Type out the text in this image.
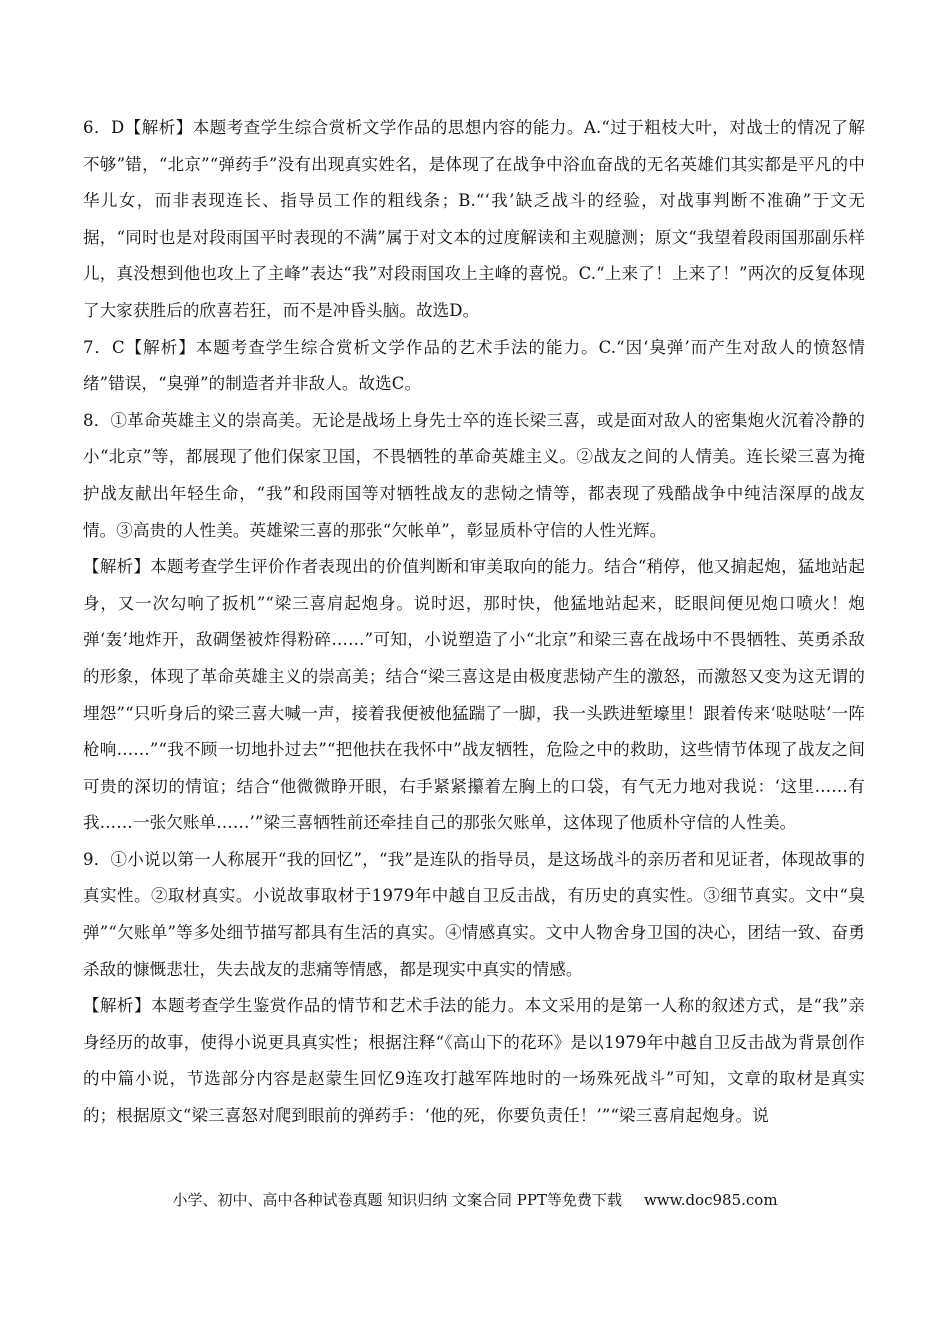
6．D【解析】本题考查学生综合赏析文学作品的思想内容的能力。A.“过于粗枝大叶，对战士的情况了解不够”错，“北京”“弹药手”没有出现真实姓名，是体现了在战争中浴血奋战的无名英雄们其实都是平凡的中华儿女，而非表现连长、指导员工作的粗线条；B.“‘我’缺乏战斗的经验，对战事判断不准确”于文无据，“同时也是对段雨国平时表现的不满”属于对文本的过度解读和主观臆测；原文“我望着段雨国那副乐样儿，真没想到他也攻上了主峰”表达“我”对段雨国攻上主峰的喜悦。C.“上来了！上来了！”两次的反复体现了大家获胜后的欣喜若狂，而不是冲昏头脑。故选D。

7．C【解析】本题考查学生综合赏析文学作品的艺术手法的能力。C.“因‘臭弹’而产生对敌人的愤怒情绪”错误，“臭弹”的制造者并非敌人。故选C。

8．①革命英雄主义的崇高美。无论是战场上身先士卒的连长梁三喜，或是面对敌人的密集炮火沉着冷静的小“北京”等，都展现了他们保家卫国，不畏牺牲的革命英雄主义。②战友之间的人情美。连长梁三喜为掩护战友献出年轻生命，“我”和段雨国等对牺牲战友的悲恸之情等，都表现了残酷战争中纯洁深厚的战友情。③高贵的人性美。英雄梁三喜的那张“欠帐单”，彰显质朴守信的人性光辉。

【解析】本题考查学生评价作者表现出的价值判断和审美取向的能力。结合“稍停，他又掮起炮，猛地站起身，又一次勾响了扳机”“梁三喜肩起炮身。说时迟，那时快，他猛地站起来，眨眼间便见炮口喷火！炮弹‘轰’地炸开，敌碉堡被炸得粉碎……”可知，小说塑造了小“北京”和梁三喜在战场中不畏牺牲、英勇杀敌的形象，体现了革命英雄主义的崇高美；结合“梁三喜这是由极度悲恸产生的激怒，而激怒又变为这无谓的埋怨”“只听身后的梁三喜大喊一声，接着我便被他猛踹了一脚，我一头跌进堑壕里！跟着传来‘哒哒哒’一阵枪响……”“我不顾一切地扑过去”“把他扶在我怀中”战友牺牲，危险之中的救助，这些情节体现了战友之间可贵的深切的情谊；结合“他微微睁开眼，右手紧紧攥着左胸上的口袋，有气无力地对我说：‘这里……有我……一张欠账单……’”梁三喜牺牲前还牵挂自己的那张欠账单，这体现了他质朴守信的人性美。

9．①小说以第一人称展开“我的回忆”，“我”是连队的指导员，是这场战斗的亲历者和见证者，体现故事的真实性。②取材真实。小说故事取材于1979年中越自卫反击战，有历史的真实性。③细节真实。文中“臭弹”“欠账单”等多处细节描写都具有生活的真实。④情感真实。文中人物舍身卫国的决心，团结一致、奋勇杀敌的慷慨悲壮，失去战友的悲痛等情感，都是现实中真实的情感。

【解析】本题考查学生鉴赏作品的情节和艺术手法的能力。本文采用的是第一人称的叙述方式，是“我”亲身经历的故事，使得小说更具真实性；根据注释“《高山下的花环》是以1979年中越自卫反击战为背景创作的中篇小说，节选部分内容是赵蒙生回忆9连攻打越军阵地时的一场殊死战斗”可知，文章的取材是真实的；根据原文“梁三喜怒对爬到眼前的弹药手：‘他的死，你要负责任！’”“梁三喜肩起炮身。说

小学、初中、高中各种试卷真题 知识归纳 文案合同 PPT等免费下载 www.doc985.com
